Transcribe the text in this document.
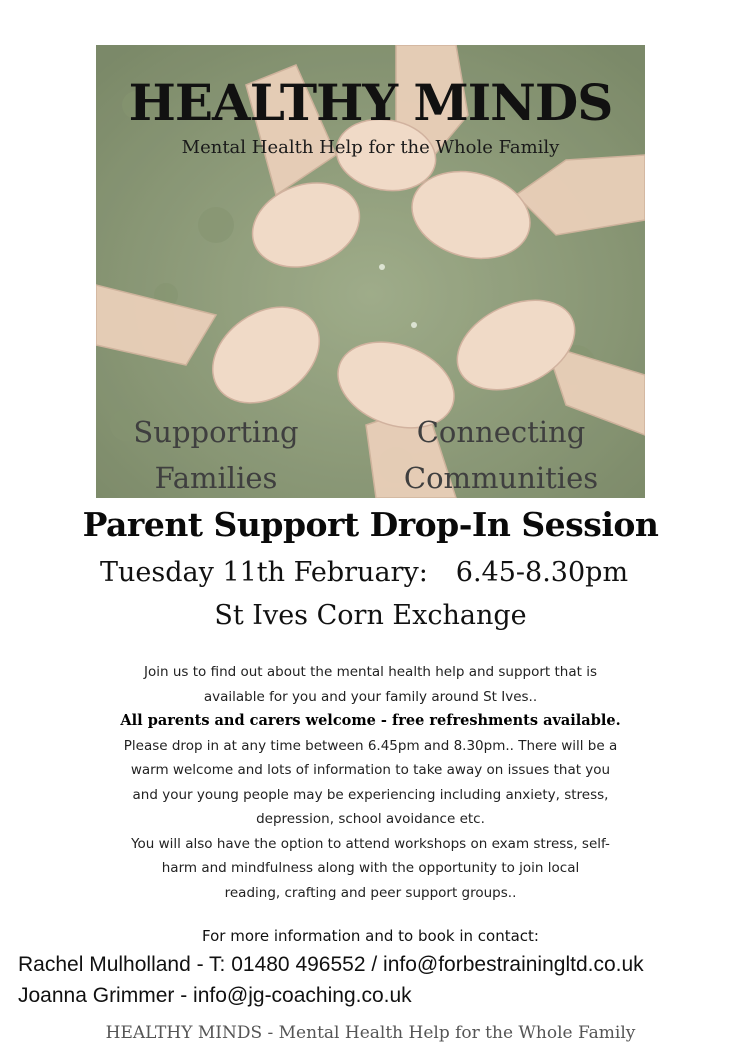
HEALTHY MINDS
Mental Health Help for the Whole Family
Supporting
Families
Connecting
Communities
Parent Support Drop-In Session
Tuesday 11th February: 6.45-8.30pm
St Ives Corn Exchange
Join us to find out about the mental health help and support that is
available for you and your family around St Ives..
All parents and carers welcome - free refreshments available.
Please drop in at any time between 6.45pm and 8.30pm.. There will be a
warm welcome and lots of information to take away on issues that you
and your young people may be experiencing including anxiety, stress,
depression, school avoidance etc.
You will also have the option to attend workshops on exam stress, self-
harm and mindfulness along with the opportunity to join local
reading, crafting and peer support groups..
For more information and to book in contact:
Rachel Mulholland - T: 01480 496552 / info@forbestrainingltd.co.uk
Joanna Grimmer - info@jg-coaching.co.uk
HEALTHY MINDS - Mental Health Help for the Whole Family
